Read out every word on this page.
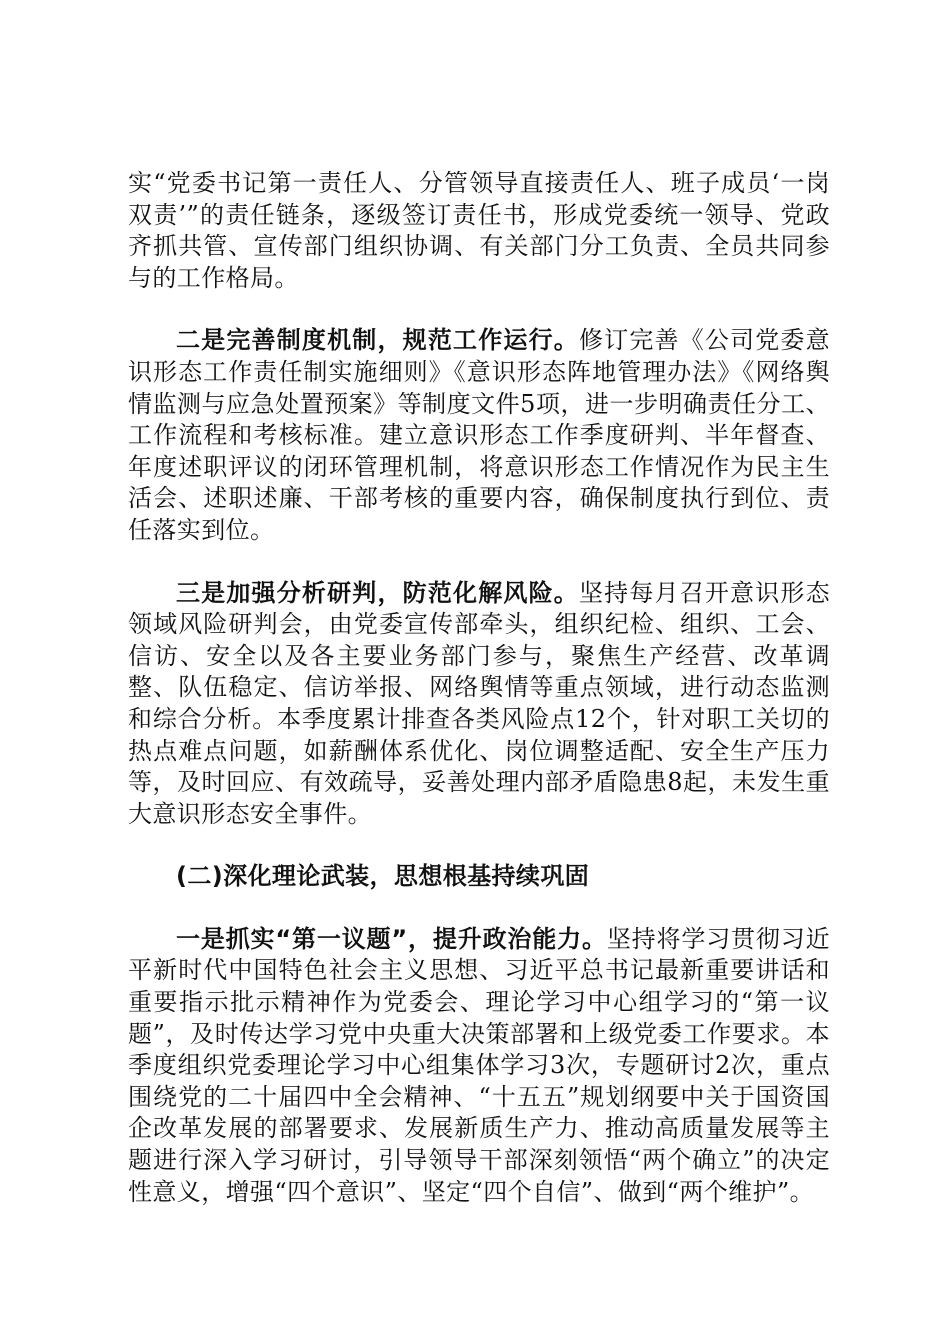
实“党委书记第一责任人、分管领导直接责任人、班子成员‘一岗双责’”的责任链条，逐级签订责任书，形成党委统一领导、党政齐抓共管、宣传部门组织协调、有关部门分工负责、全员共同参与的工作格局。

二是完善制度机制，规范工作运行。修订完善《公司党委意识形态工作责任制实施细则》《意识形态阵地管理办法》《网络舆情监测与应急处置预案》等制度文件5项，进一步明确责任分工、工作流程和考核标准。建立意识形态工作季度研判、半年督查、年度述职评议的闭环管理机制，将意识形态工作情况作为民主生活会、述职述廉、干部考核的重要内容，确保制度执行到位、责任落实到位。

三是加强分析研判，防范化解风险。坚持每月召开意识形态领域风险研判会，由党委宣传部牵头，组织纪检、组织、工会、信访、安全以及各主要业务部门参与，聚焦生产经营、改革调整、队伍稳定、信访举报、网络舆情等重点领域，进行动态监测和综合分析。本季度累计排查各类风险点12个，针对职工关切的热点难点问题，如薪酬体系优化、岗位调整适配、安全生产压力等，及时回应、有效疏导，妥善处理内部矛盾隐患8起，未发生重大意识形态安全事件。

(二)深化理论武装，思想根基持续巩固

一是抓实“第一议题”，提升政治能力。坚持将学习贯彻习近平新时代中国特色社会主义思想、习近平总书记最新重要讲话和重要指示批示精神作为党委会、理论学习中心组学习的“第一议题”，及时传达学习党中央重大决策部署和上级党委工作要求。本季度组织党委理论学习中心组集体学习3次，专题研讨2次，重点围绕党的二十届四中全会精神、“十五五”规划纲要中关于国资国企改革发展的部署要求、发展新质生产力、推动高质量发展等主题进行深入学习研讨，引导领导干部深刻领悟“两个确立”的决定性意义，增强“四个意识”、坚定“四个自信”、做到“两个维护”。
